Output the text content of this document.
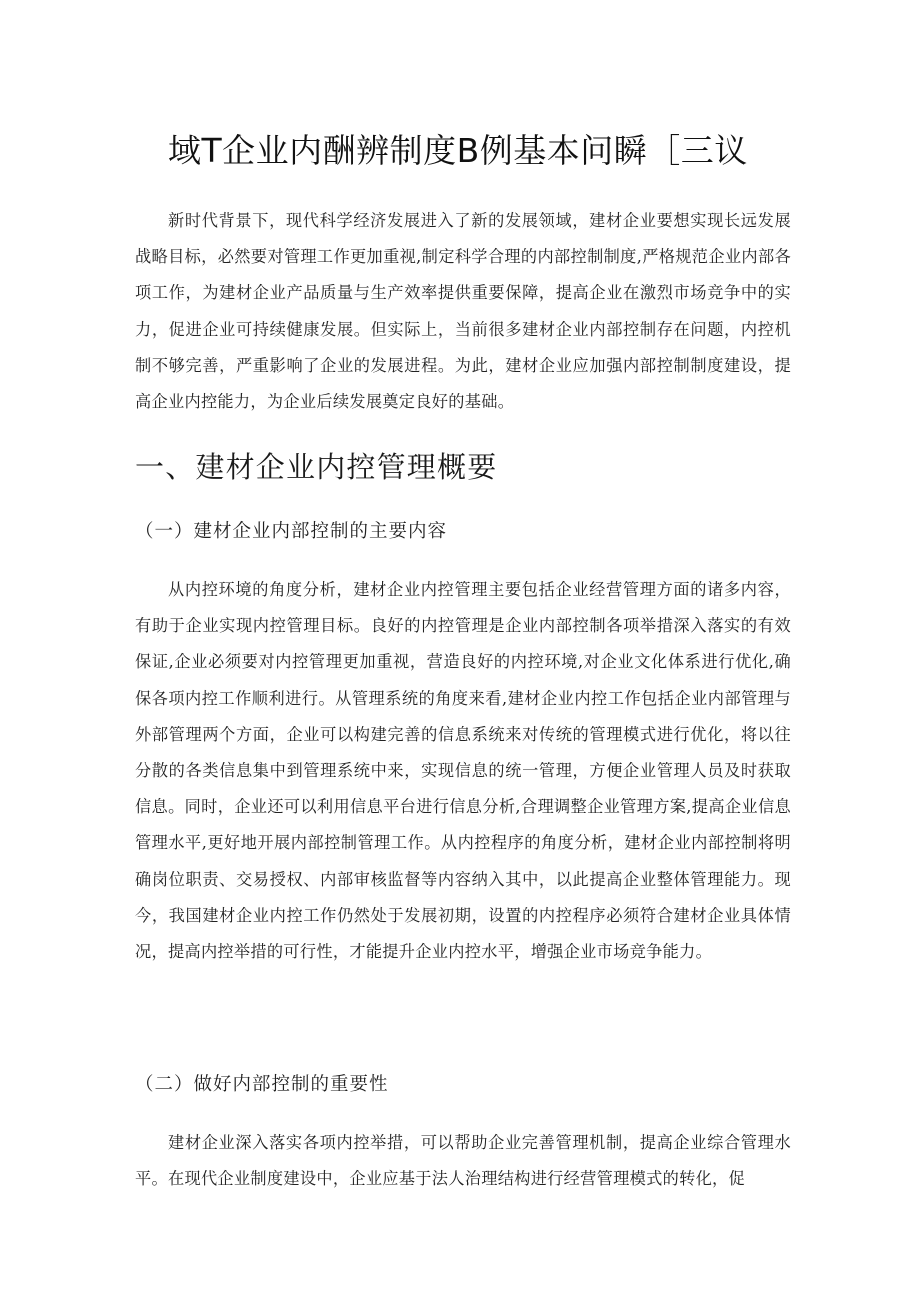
域T企业内酬辨制度B例基本问瞬［三议

新时代背景下，现代科学经济发展进入了新的发展领域，建材企业要想实现长远发展战略目标，必然要对管理工作更加重视,制定科学合理的内部控制制度,严格规范企业内部各项工作，为建材企业产品质量与生产效率提供重要保障，提高企业在激烈市场竞争中的实力，促进企业可持续健康发展。但实际上，当前很多建材企业内部控制存在问题，内控机制不够完善，严重影响了企业的发展进程。为此，建材企业应加强内部控制制度建设，提高企业内控能力，为企业后续发展奠定良好的基础。

一、建材企业内控管理概要
（一）建材企业内部控制的主要内容

从内控环境的角度分析，建材企业内控管理主要包括企业经营管理方面的诸多内容，有助于企业实现内控管理目标。良好的内控管理是企业内部控制各项举措深入落实的有效保证,企业必须要对内控管理更加重视，营造良好的内控环境,对企业文化体系进行优化,确保各项内控工作顺利进行。从管理系统的角度来看,建材企业内控工作包括企业内部管理与外部管理两个方面，企业可以构建完善的信息系统来对传统的管理模式进行优化，将以往分散的各类信息集中到管理系统中来，实现信息的统一管理，方便企业管理人员及时获取信息。同时，企业还可以利用信息平台进行信息分析,合理调整企业管理方案,提高企业信息管理水平,更好地开展内部控制管理工作。从内控程序的角度分析，建材企业内部控制将明确岗位职责、交易授权、内部审核监督等内容纳入其中，以此提高企业整体管理能力。现今，我国建材企业内控工作仍然处于发展初期，设置的内控程序必须符合建材企业具体情况，提高内控举措的可行性，才能提升企业内控水平，增强企业市场竞争能力。

（二）做好内部控制的重要性

建材企业深入落实各项内控举措，可以帮助企业完善管理机制，提高企业综合管理水平。在现代企业制度建设中，企业应基于法人治理结构进行经营管理模式的转化，促
